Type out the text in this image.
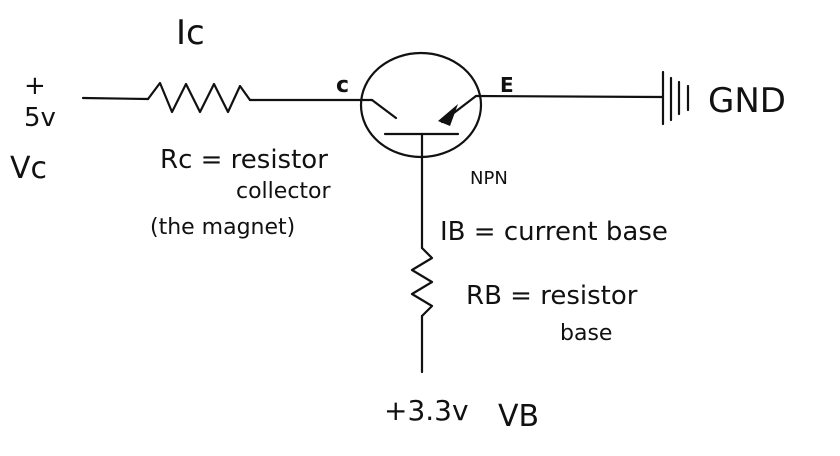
Ic
+
5v
Vc	Rc = resistor
collector
(the magnet)
c	E	GND
NPN
IB = current base
RB = resistor
base
+3.3v VB
